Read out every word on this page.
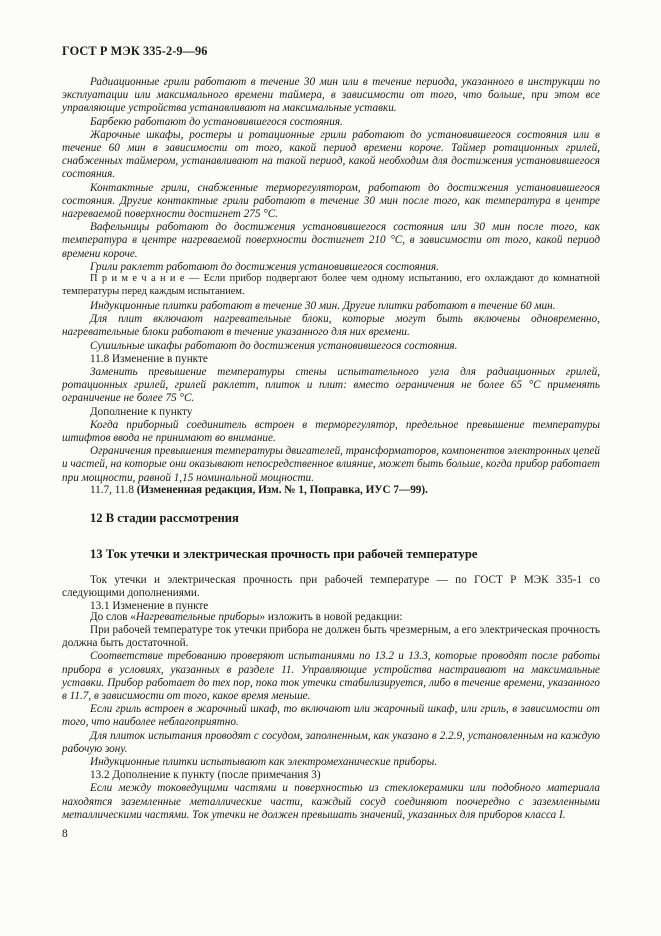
ГОСТ Р МЭК 335-2-9—96

Радиационные грили работают в течение 30 мин или в течение периода, указанного в инструкции по эксплуатации или максимального времени таймера, в зависимости от того, что больше, при этом все управляющие устройства устанавливают на максимальные уставки.

Барбекю работают до установившегося состояния.

Жарочные шкафы, ростеры и ротационные грили работают до установившегося состояния или в течение 60 мин в зависимости от того, какой период времени короче. Таймер ротационных грилей, снабженных таймером, устанавливают на такой период, какой необходим для достижения установившегося состояния.

Контактные грили, снабженные терморегулятором, работают до достижения установившегося состояния. Другие контактные грили работают в течение 30 мин после того, как температура в центре нагреваемой поверхности достигнет 275 °С.

Вафельницы работают до достижения установившегося состояния или 30 мин после того, как температура в центре нагреваемой поверхности достигнет 210 °С, в зависимости от того, какой период времени короче.

Грили раклетт работают до достижения установившегося состояния.

П р и м е ч а н и е — Если прибор подвергают более чем одному испытанию, его охлаждают до комнатной температуры перед каждым испытанием.

Индукционные плитки работают в течение 30 мин. Другие плитки работают в течение 60 мин.

Для плит включают нагревательные блоки, которые могут быть включены одновременно, нагревательные блоки работают в течение указанного для них времени.

Сушильные шкафы работают до достижения установившегося состояния.

11.8 Изменение в пункте

Заменить превышение температуры стены испытательного угла для радиационных грилей, ротационных грилей, грилей раклетт, плиток и плит: вместо ограничения не более 65 °С применять ограничение не более 75 °С.

Дополнение к пункту

Когда приборный соединитель встроен в терморегулятор, предельное превышение температуры штифтов ввода не принимают во внимание.

Ограничения превышения температуры двигателей, трансформаторов, компонентов электронных цепей и частей, на которые они оказывают непосредственное влияние, может быть больше, когда прибор работает при мощности, равной 1,15 номинальной мощности.

11.7, 11.8 (Измененная редакция, Изм. № 1, Поправка, ИУС 7—99).

12 В стадии рассмотрения
13 Ток утечки и электрическая прочность при рабочей температуре

Ток утечки и электрическая прочность при рабочей температуре — по ГОСТ Р МЭК 335-1 со следующими дополнениями.

13.1 Изменение в пункте

До слов «Нагревательные приборы» изложить в новой редакции:

При рабочей температуре ток утечки прибора не должен быть чрезмерным, а его электрическая прочность должна быть достаточной.

Соответствие требованию проверяют испытаниями по 13.2 и 13.3, которые проводят после работы прибора в условиях, указанных в разделе 11. Управляющие устройства настраивают на максимальные уставки. Прибор работает до тех пор, пока ток утечки стабилизируется, либо в течение времени, указанного в 11.7, в зависимости от того, какое время меньше.

Если гриль встроен в жарочный шкаф, то включают или жарочный шкаф, или гриль, в зависимости от того, что наиболее неблагоприятно.

Для плиток испытания проводят с сосудом, заполненным, как указано в 2.2.9, установленным на каждую рабочую зону.

Индукционные плитки испытывают как электромеханические приборы.

13.2 Дополнение к пункту (после примечания 3)

Если между токоведущими частями и поверхностью из стеклокерамики или подобного материала находятся заземленные металлические части, каждый сосуд соединяют поочередно с заземленными металлическими частями. Ток утечки не должен превышать значений, указанных для приборов класса I.

8
